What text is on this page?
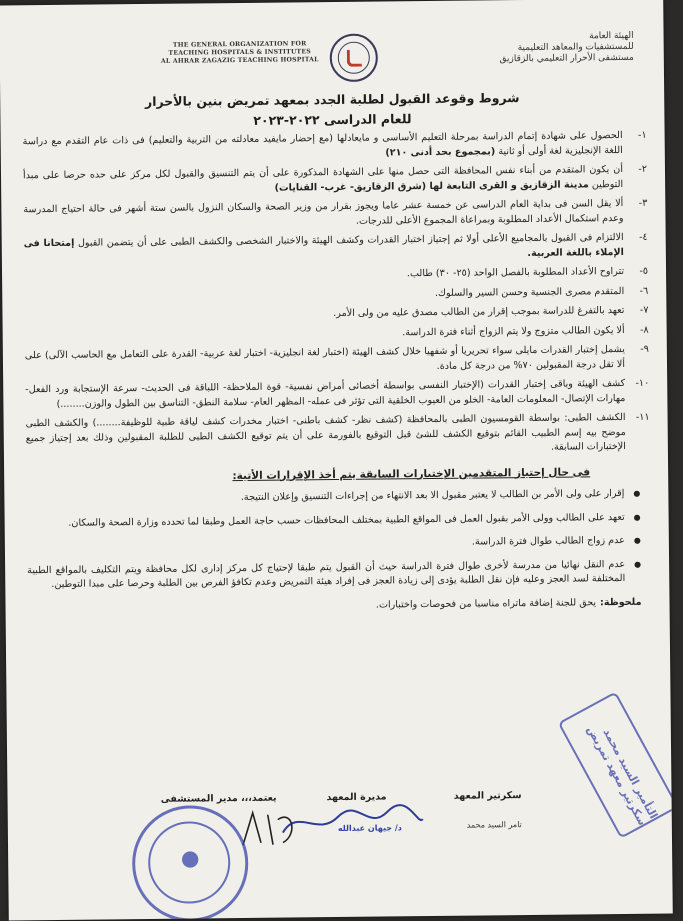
THE GENERAL ORGANIZATION FOR
TEACHING HOSPITALS & INSTITUTES
AL AHRAR ZAGAZIG TEACHING HOSPITAL
الهيئة العامة
للمستشفيات والمعاهد التعليمية
مستشفى الأحرار التعليمي بالزقازيق
شروط وقوعد القبول لطلبة الجدد بمعهد تمريض بنين بالأحرار
للعام الدراسى ٢٠٢٢-٢٠٢٣
١-
الحصول على شهادة إتمام الدراسة بمرحلة التعليم الأساسى و مايعادلها (مع إحضار مايفيد معادلته من التربية والتعليم) فى ذات عام التقدم مع دراسة اللغة الإنجليزية لغة أولى أو ثانية (بمجموع بحد أدنى ٢١٠)
٢-
أن يكون المتقدم من أبناء نفس المحافظة التى حصل منها على الشهادة المذكورة على أن يتم التنسيق والقبول لكل مركز على حده حرصا على مبدأ التوطين مدينة الزقازيق و القرى التابعة لها (شرق الزقازيق- غرب- القنايات)
٣-
ألا يقل السن فى بداية العام الدراسى عن خمسة عشر عاما ويجوز بقرار من وزير الصحة والسكان النزول بالسن ستة أشهر فى حالة احتياج المدرسة وعدم استكمال الأعداد المطلوبة وبمراعاة المجموع الأعلى للدرجات.
٤-
الالتزام فى القبول بالمجاميع الأعلى أولا ثم إجتياز اختبار القدرات وكشف الهيئة والاختبار الشخصى والكشف الطبى على أن يتضمن القبول إمتحانا فى الإملاء باللغة العربية.
٥-
تتراوح الأعداد المطلوبة بالفصل الواحد (٢٥- ٣٠) طالب.
٦-
المتقدم مصرى الجنسية وحسن السير والسلوك.
٧-
تعهد بالتفرغ للدراسة بموجب إقرار من الطالب مصدق عليه من ولى الأمر.
٨-
ألا يكون الطالب متزوج ولا يتم الزواج أثناء فترة الدراسة.
٩-
يشمل إختبار القدرات مايلى سواء تحريريا أو شفهيا خلال كشف الهيئة (اختبار لغة انجليزية- اختبار لغة عربية- القدرة على التعامل مع الحاسب الآلى) على ألا تقل درجة المقبولين ٧٠% من درجة كل مادة.
١٠-
كشف الهيئة وباقى إختبار القدرات (الإختبار النفسى بواسطة أخصائى أمراض نفسية- قوة الملاحظة- اللباقة فى الحديث- سرعة الإستجابة ورد الفعل- مهارات الإتصال- المعلومات العامة- الخلو من العيوب الخلقية التى تؤثر فى عمله- المظهر العام- سلامة النطق- التناسق بين الطول والوزن........)
١١-
الكشف الطبى: بواسطة القومسيون الطبى بالمحافظة (كشف نظر- كشف باطنى- اختبار مخدرات كشف لياقة طبية للوظيفة........) والكشف الطبى موضح بيه إسم الطبيب القائم بتوقيع الكشف للشئ قبل التوقيع بالفورمة على أن يتم توقيع الكشف الطبى للطلبة المقبولين وذلك بعد إجتياز جميع الإختبارات السابقة.
فى حال إجتياز المتقدمين الإختبارات السابقة يتم أخذ الإقرارات الأتية:
●
إقرار على ولى الأمر بن الطالب لا يعتبر مقبول الا بعد الانتهاء من إجراءات التنسيق وإعلان النتيجة.
●
تعهد على الطالب وولى الأمر بقبول العمل فى المواقع الطبية بمختلف المحافظات حسب حاجة العمل وطبقا لما تحدده وزارة الصحة والسكان.
●
عدم زواج الطالب طوال فترة الدراسة.
●
عدم النقل نهائيا من مدرسة لأخرى طوال فترة الدراسة حيث أن القبول يتم طبقا لإحتياج كل مركز إدارى لكل محافظة ويتم التكليف بالمواقع الطبية المختلفة لسد العجز وعليه فإن نقل الطلبة يؤدى إلى زيادة العجز فى إفراد هيئة التمريض وعدم تكافؤ الفرص بين الطلبة وحرصا على مبدا التوطين.
ملحوظة:
يحق للجنة إضافة ماتراه مناسبا من فحوصات واختبارات.
سكرتير المعهد
مديرة المعهد
يعتمد،،، مدير المستشفى
تامر السيد محمد
د/ جيهان عبدالله
التأمير السيد محمد سكرتير معهد تمريض
